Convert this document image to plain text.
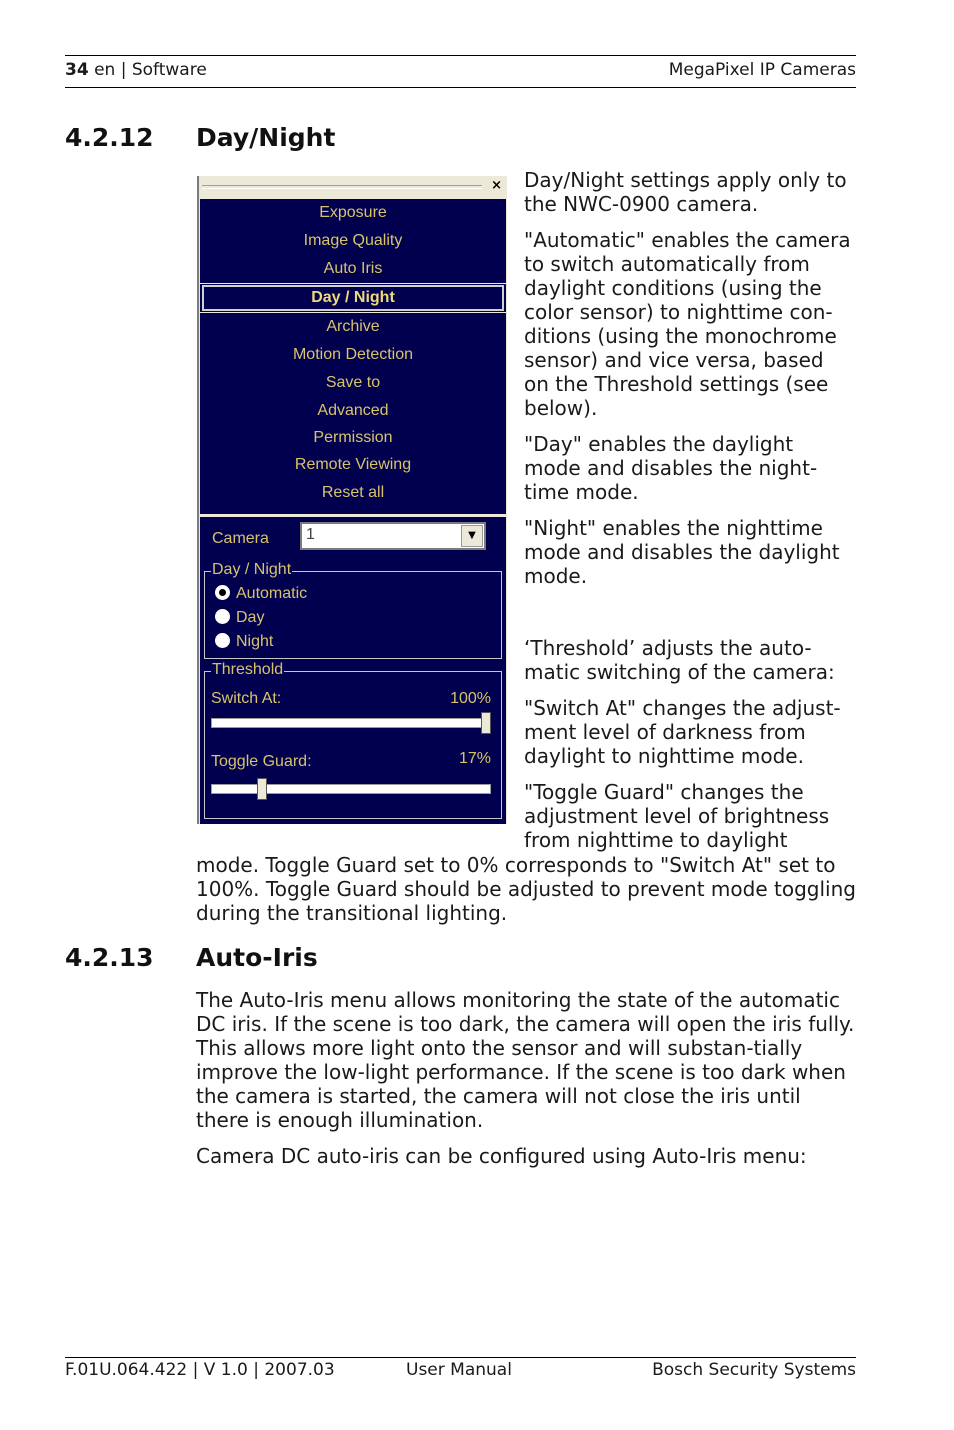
34 en | Software	MegaPixel IP Cameras
4.2.12 Day/Night
×
Exposure
Image Quality
Auto Iris
Day / Night
Archive
Motion Detection
Save to
Advanced
Permission
Remote Viewing
Reset all
Camera 1	▼
Day / Night
Automatic
Day
Night
Threshold
Switch At:	100%
Toggle Guard:	17%

Day/Night settings apply only to the NWC-0900 camera.

"Automatic" enables the camera to switch automatically from daylight conditions (using the color sensor) to nighttime con-ditions (using the monochrome sensor) and vice versa, based on the Threshold settings (see below).

"Day" enables the daylight mode and disables the night-time mode.

"Night" enables the nighttime mode and disables the daylight mode.

‘Threshold’ adjusts the auto-matic switching of the camera:

"Switch At" changes the adjust-ment level of darkness from daylight to nighttime mode.

"Toggle Guard" changes the adjustment level of brightness from nighttime to daylight

mode. Toggle Guard set to 0% corresponds to "Switch At" set to 100%. Toggle Guard should be adjusted to prevent mode toggling during the transitional lighting.

4.2.13 Auto-Iris

The Auto-Iris menu allows monitoring the state of the automatic DC iris. If the scene is too dark, the camera will open the iris fully. This allows more light onto the sensor and will substan-tially improve the low-light performance. If the scene is too dark when the camera is started, the camera will not close the iris until there is enough illumination.

Camera DC auto-iris can be configured using Auto-Iris menu:

F.01U.064.422 | V 1.0 | 2007.03	User Manual	Bosch Security Systems
